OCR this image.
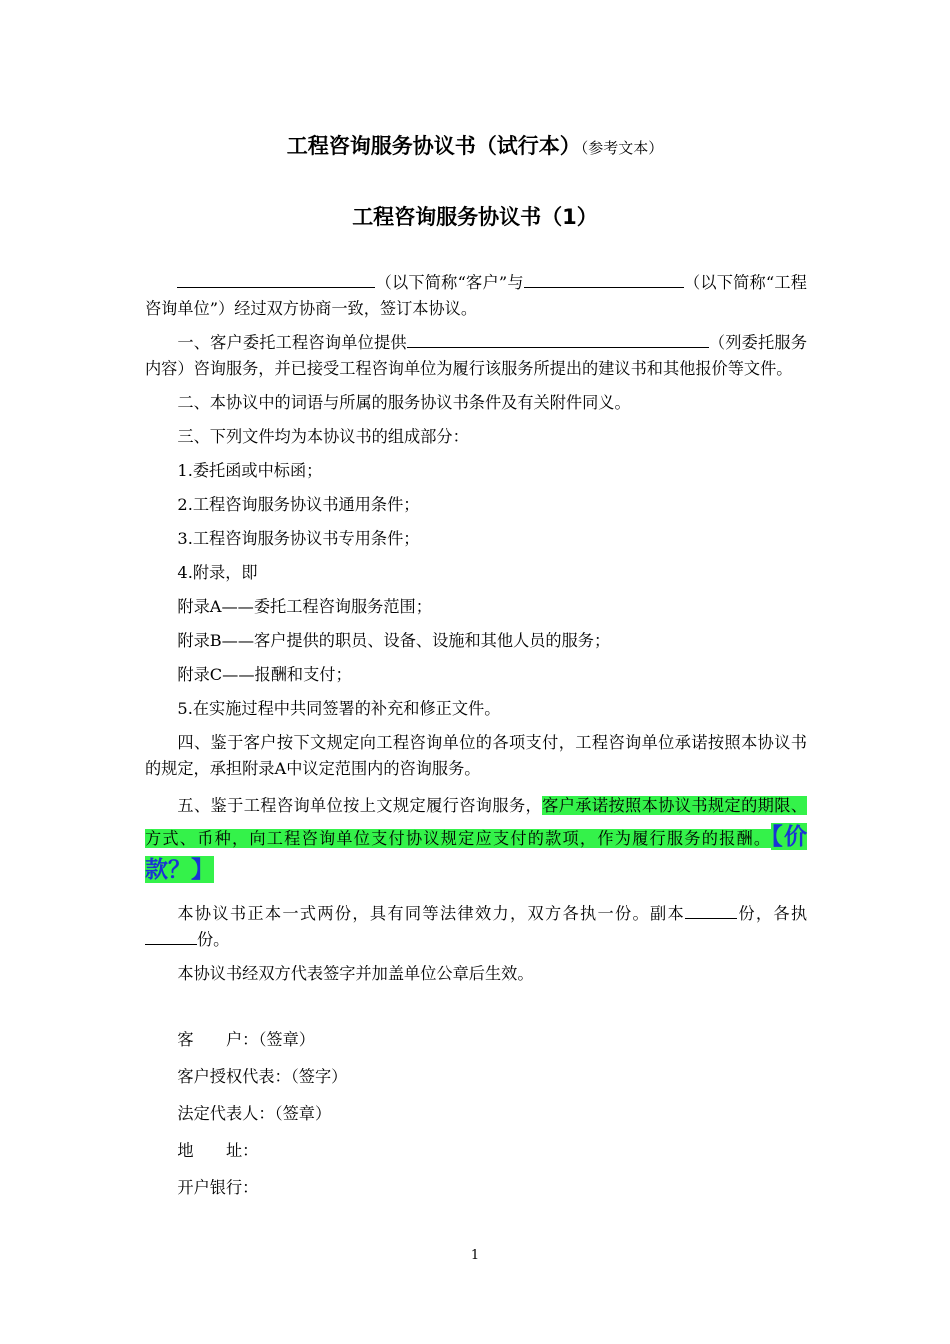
工程咨询服务协议书（试行本）（参考文本）
工程咨询服务协议书（1）

（以下简称“客户”与	（以下简称“工程咨询单位”）经过双方协商一致，签订本协议。

一、客户委托工程咨询单位提供	（列委托服务内容）咨询服务，并已接受工程咨询单位为履行该服务所提出的建议书和其他报价等文件。

二、本协议中的词语与所属的服务协议书条件及有关附件同义。

三、下列文件均为本协议书的组成部分：

1.委托函或中标函；

2.工程咨询服务协议书通用条件；

3.工程咨询服务协议书专用条件；

4.附录，即

附录A——委托工程咨询服务范围；

附录B——客户提供的职员、设备、设施和其他人员的服务；

附录C——报酬和支付；

5.在实施过程中共同签署的补充和修正文件。

四、鉴于客户按下文规定向工程咨询单位的各项支付，工程咨询单位承诺按照本协议书的规定，承担附录A中议定范围内的咨询服务。

五、鉴于工程咨询单位按上文规定履行咨询服务，客户承诺按照本协议书规定的期限、方式、币种，向工程咨询单位支付协议规定应支付的款项，作为履行服务的报酬。【价款？】

本协议书正本一式两份，具有同等法律效力，双方各执一份。副本	份，各执份。

本协议书经双方代表签字并加盖单位公章后生效。

客　　户：（签章）

客户授权代表：（签字）

法定代表人：（签章）

地　　址：

开户银行：

1
